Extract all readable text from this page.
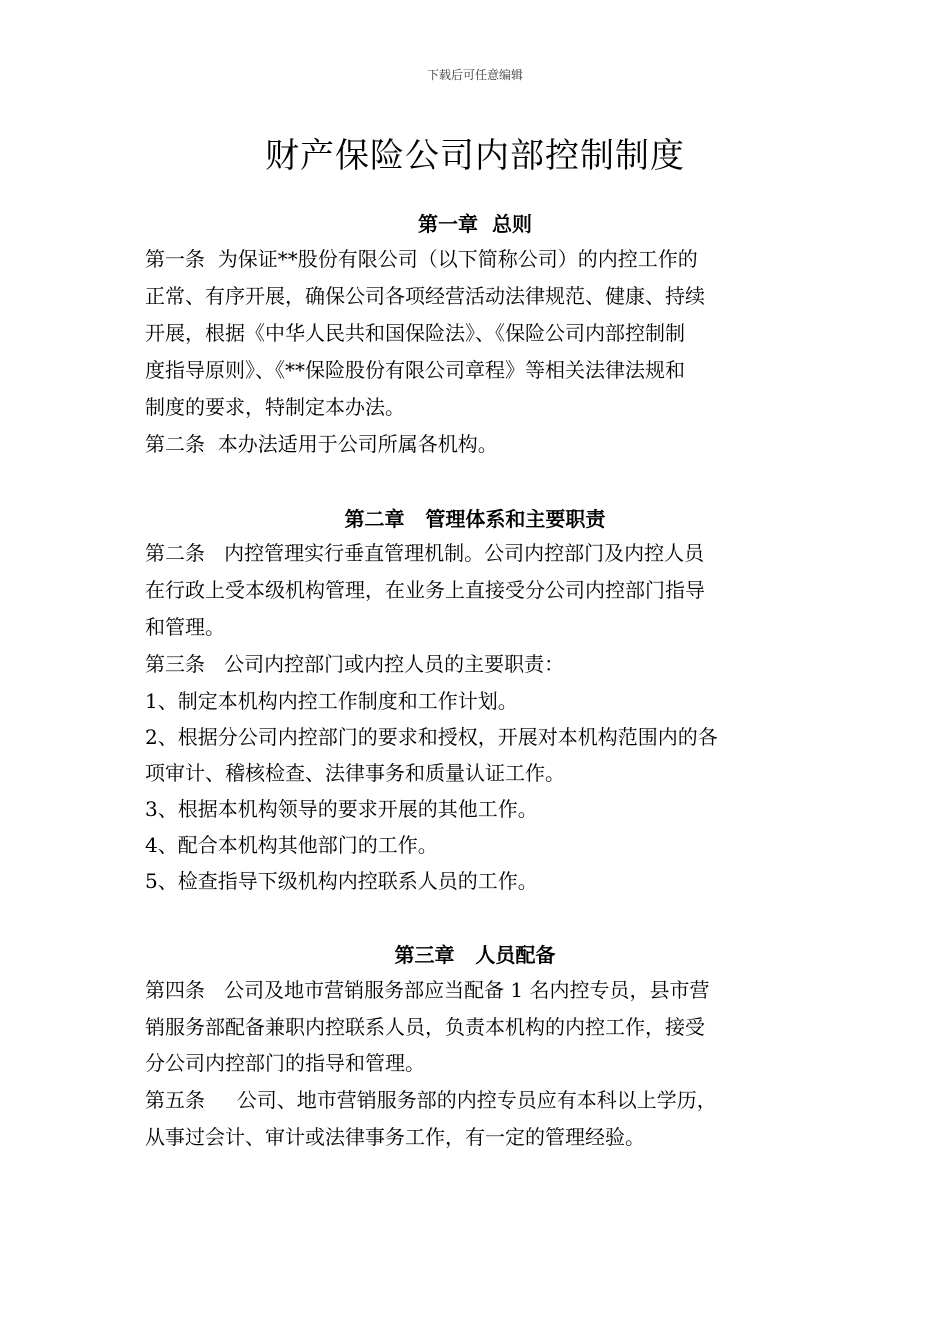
下载后可任意编辑
财产保险公司内部控制制度
第一章  总则
第一条  为保证**股份有限公司（以下简称公司）的内控工作的
正常、有序开展，确保公司各项经营活动法律规范、健康、持续
开展，根据《中华人民共和国保险法》、《保险公司内部控制制
度指导原则》、《**保险股份有限公司章程》等相关法律法规和
制度的要求，特制定本办法。
第二条  本办法适用于公司所属各机构。
第二章   管理体系和主要职责
第二条   内控管理实行垂直管理机制。公司内控部门及内控人员
在行政上受本级机构管理，在业务上直接受分公司内控部门指导
和管理。
第三条   公司内控部门或内控人员的主要职责：
1、制定本机构内控工作制度和工作计划。
2、根据分公司内控部门的要求和授权，开展对本机构范围内的各
项审计、稽核检查、法律事务和质量认证工作。
3、根据本机构领导的要求开展的其他工作。
4、配合本机构其他部门的工作。
5、检查指导下级机构内控联系人员的工作。
第三章   人员配备
第四条   公司及地市营销服务部应当配备 1 名内控专员，县市营
销服务部配备兼职内控联系人员，负责本机构的内控工作，接受
分公司内控部门的指导和管理。
第五条     公司、地市营销服务部的内控专员应有本科以上学历，
从事过会计、审计或法律事务工作，有一定的管理经验。
